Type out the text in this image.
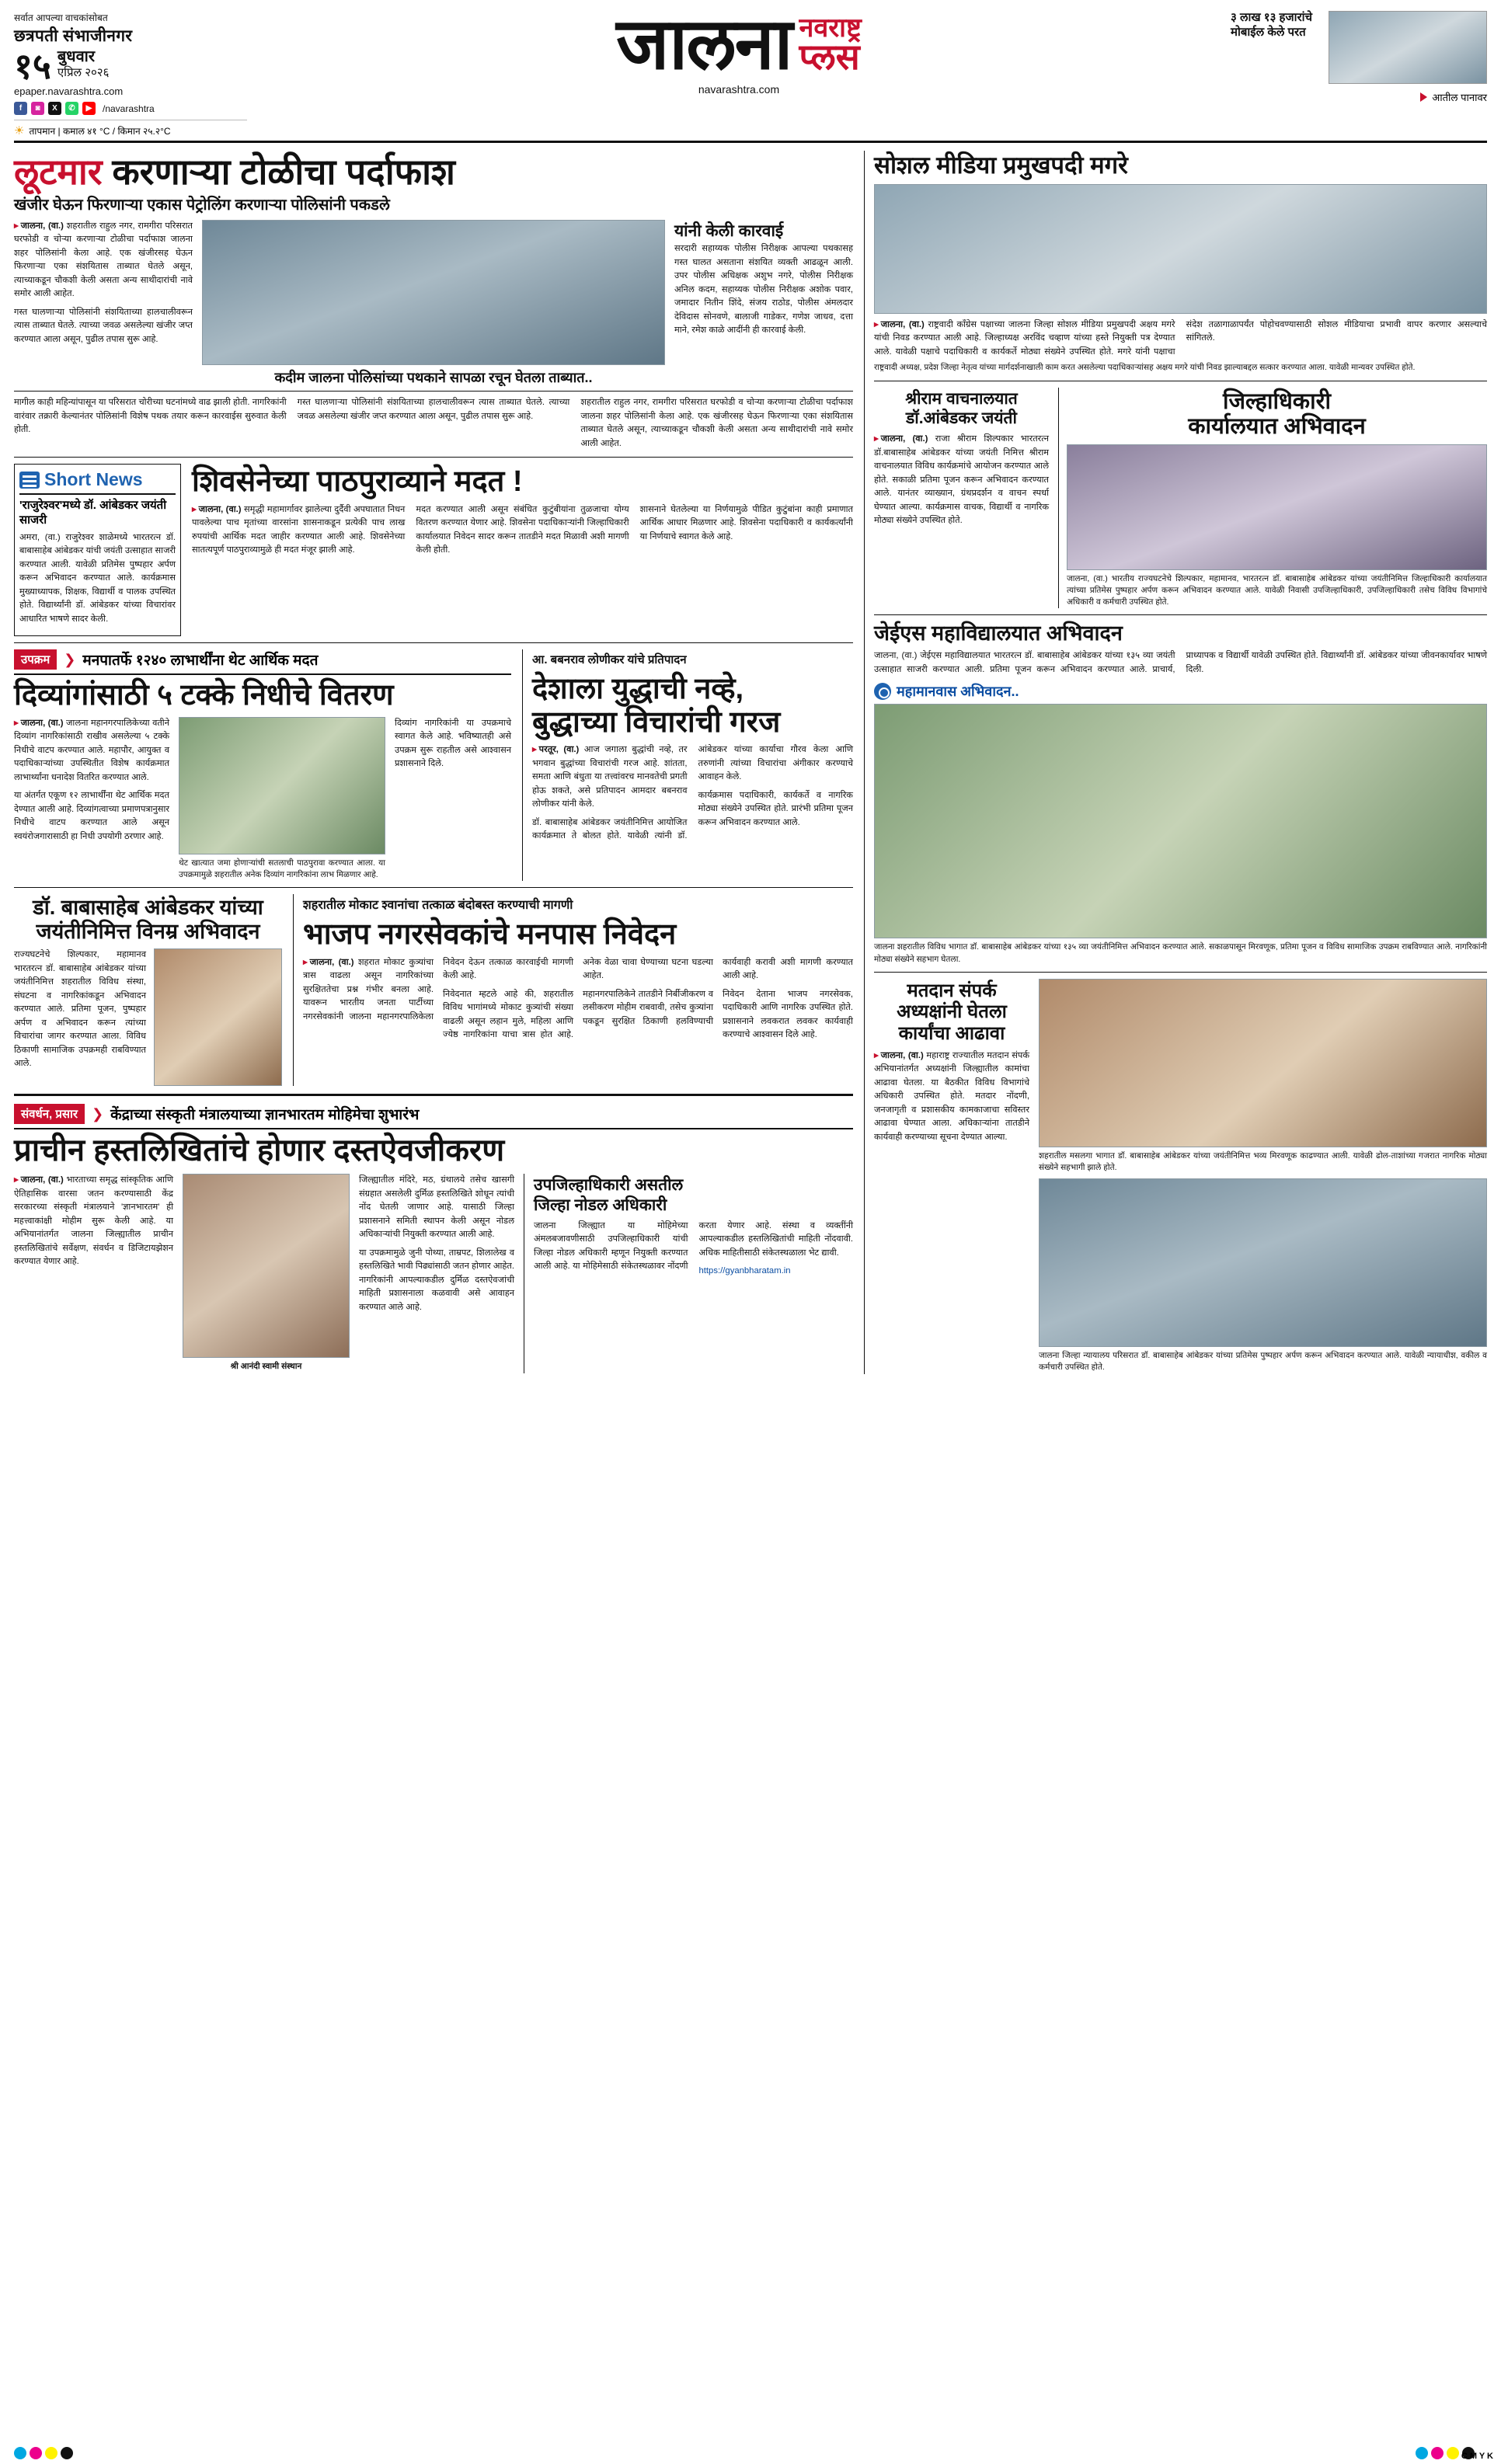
सर्वात आपल्या वाचकांसोबत
छत्रपती संभाजीनगर
१५ बुधवार
एप्रिल २०२६
epaper.navarashtra.com
f	◙	X	✆	▶	/navarashtra
☀ तापमान | कमाल ४१ °C / किमान २५.२°C
जालना नवराष्ट्र
प्लस
navarashtra.com
३ लाख १३ हजारांचे मोबाईल केले परत
आतील पानावर
लूटमार करणाऱ्या टोळीचा पर्दाफाश
खंजीर घेऊन फिरणाऱ्या एकास पेट्रोलिंग करणाऱ्या पोलिसांनी पकडले

▸ जालना, (वा.) शहरातील राहुल नगर, रामगीरा परिसरात घरफोडी व चोऱ्या करणाऱ्या टोळीचा पर्दाफाश जालना शहर पोलिसांनी केला आहे. एक खंजीरसह घेऊन फिरणाऱ्या एका संशयितास ताब्यात घेतले असून, त्याच्याकडून चौकशी केली असता अन्य साथीदारांची नावे समोर आली आहेत.

गस्त घालणाऱ्या पोलिसांनी संशयिताच्या हालचालीवरून त्यास ताब्यात घेतले. त्याच्या जवळ असलेल्या खंजीर जप्त करण्यात आला असून, पुढील तपास सुरू आहे.

यांनी केली कारवाई

सरदारी सहाय्यक पोलीस निरीक्षक आपल्या पथकासह गस्त घालत असताना संशयित व्यक्ती आढळून आली. उपर पोलीस अधिक्षक अशुभ नगरे, पोलीस निरीक्षक अनिल कदम, सहाय्यक पोलीस निरीक्षक अशोक पवार, जमादार नितीन शिंदे, संजय राठोड, पोलीस अंमलदार देविदास सोनवणे, बालाजी गाडेकर, गणेश जाधव, दत्ता माने, रमेश काळे आदींनी ही कारवाई केली.

कदीम जालना पोलिसांच्या पथकाने सापळा रचून घेतला ताब्यात..

मागील काही महिन्यांपासून या परिसरात चोरीच्या घटनांमध्ये वाढ झाली होती. नागरिकांनी वारंवार तक्रारी केल्यानंतर पोलिसांनी विशेष पथक तयार करून कारवाईस सुरुवात केली होती.

गस्त घालणाऱ्या पोलिसांनी संशयिताच्या हालचालीवरून त्यास ताब्यात घेतले. त्याच्या जवळ असलेल्या खंजीर जप्त करण्यात आला असून, पुढील तपास सुरू आहे.

शहरातील राहुल नगर, रामगीरा परिसरात घरफोडी व चोऱ्या करणाऱ्या टोळीचा पर्दाफाश जालना शहर पोलिसांनी केला आहे. एक खंजीरसह घेऊन फिरणाऱ्या एका संशयितास ताब्यात घेतले असून, त्याच्याकडून चौकशी केली असता अन्य साथीदारांची नावे समोर आली आहेत.

Short News
'राजुरेश्वर'मध्ये डॉ. आंबेडकर जयंती साजरी

अमरा, (वा.) राजुरेश्वर शाळेमध्ये भारतरत्न डॉ. बाबासाहेब आंबेडकर यांची जयंती उत्साहात साजरी करण्यात आली. यावेळी प्रतिमेस पुष्पहार अर्पण करून अभिवादन करण्यात आले. कार्यक्रमास मुख्याध्यापक, शिक्षक, विद्यार्थी व पालक उपस्थित होते. विद्यार्थ्यांनी डॉ. आंबेडकर यांच्या विचारांवर आधारित भाषणे सादर केली.

शिवसेनेच्या पाठपुराव्याने मदत !

▸ जालना, (वा.) समृद्धी महामार्गावर झालेल्या दुर्दैवी अपघातात निधन पावलेल्या पाच मृतांच्या वारसांना शासनाकडून प्रत्येकी पाच लाख रुपयांची आर्थिक मदत जाहीर करण्यात आली आहे. शिवसेनेच्या सातत्यपूर्ण पाठपुराव्यामुळे ही मदत मंजूर झाली आहे.

मदत करण्यात आली असून संबंधित कुटुंबीयांना तुळजाचा योग्य वितरण करण्यात येणार आहे. शिवसेना पदाधिकाऱ्यांनी जिल्हाधिकारी कार्यालयात निवेदन सादर करून तातडीने मदत मिळावी अशी मागणी केली होती.

शासनाने घेतलेल्या या निर्णयामुळे पीडित कुटुंबांना काही प्रमाणात आर्थिक आधार मिळणार आहे. शिवसेना पदाधिकारी व कार्यकर्त्यांनी या निर्णयाचे स्वागत केले आहे.

उपक्रम	❯ मनपातर्फे १२४० लाभार्थींना थेट आर्थिक मदत
दिव्यांगांसाठी ५ टक्के निधीचे वितरण

▸ जालना, (वा.) जालना महानगरपालिकेच्या वतीने दिव्यांग नागरिकांसाठी राखीव असलेल्या ५ टक्के निधीचे वाटप करण्यात आले. महापौर, आयुक्त व पदाधिकाऱ्यांच्या उपस्थितीत विशेष कार्यक्रमात लाभार्थ्यांना धनादेश वितरित करण्यात आले.

या अंतर्गत एकूण १२ लाभार्थींना थेट आर्थिक मदत देण्यात आली आहे. दिव्यांगत्वाच्या प्रमाणपत्रानुसार निधीचे वाटप करण्यात आले असून स्वयंरोजगारासाठी हा निधी उपयोगी ठरणार आहे.

थेट खात्यात जमा होणाऱ्यांची सतलाची पाठपुरावा करण्यात आला. या उपक्रमामुळे शहरातील अनेक दिव्यांग नागरिकांना लाभ मिळणार आहे.

दिव्यांग नागरिकांनी या उपक्रमाचे स्वागत केले आहे. भविष्यातही असे उपक्रम सुरू राहतील असे आश्वासन प्रशासनाने दिले.

आ. बबनराव लोणीकर यांचे प्रतिपादन
देशाला युद्धाची नव्हे,
बुद्धाच्या विचारांची गरज

▸ परतूर, (वा.) आज जगाला बुद्धांची नव्हे, तर भगवान बुद्धांच्या विचारांची गरज आहे. शांतता, समता आणि बंधुता या तत्त्वांवरच मानवतेची प्रगती होऊ शकते, असे प्रतिपादन आमदार बबनराव लोणीकर यांनी केले.

डॉ. बाबासाहेब आंबेडकर जयंतीनिमित्त आयोजित कार्यक्रमात ते बोलत होते. यावेळी त्यांनी डॉ. आंबेडकर यांच्या कार्याचा गौरव केला आणि तरुणांनी त्यांच्या विचारांचा अंगीकार करण्याचे आवाहन केले.

कार्यक्रमास पदाधिकारी, कार्यकर्ते व नागरिक मोठ्या संख्येने उपस्थित होते. प्रारंभी प्रतिमा पूजन करून अभिवादन करण्यात आले.

डॉ. बाबासाहेब आंबेडकर यांच्या
जयंतीनिमित्त विनम्र अभिवादन

राज्यघटनेचे शिल्पकार, महामानव भारतरत्न डॉ. बाबासाहेब आंबेडकर यांच्या जयंतीनिमित्त शहरातील विविध संस्था, संघटना व नागरिकांकडून अभिवादन करण्यात आले. प्रतिमा पूजन, पुष्पहार अर्पण व अभिवादन करून त्यांच्या विचारांचा जागर करण्यात आला. विविध ठिकाणी सामाजिक उपक्रमही राबविण्यात आले.

शहरातील मोकाट श्वानांचा तत्काळ बंदोबस्त करण्याची मागणी
भाजप नगरसेवकांचे मनपास निवेदन

▸ जालना, (वा.) शहरात मोकाट कुत्र्यांचा त्रास वाढला असून नागरिकांच्या सुरक्षिततेचा प्रश्न गंभीर बनला आहे. यावरून भारतीय जनता पार्टीच्या नगरसेवकांनी जालना महानगरपालिकेला निवेदन देऊन तत्काळ कारवाईची मागणी केली आहे.

निवेदनात म्हटले आहे की, शहरातील विविध भागांमध्ये मोकाट कुत्र्यांची संख्या वाढली असून लहान मुले, महिला आणि ज्येष्ठ नागरिकांना याचा त्रास होत आहे. अनेक वेळा चावा घेण्याच्या घटना घडल्या आहेत.

महानगरपालिकेने तातडीने निर्बीजीकरण व लसीकरण मोहीम राबवावी, तसेच कुत्र्यांना पकडून सुरक्षित ठिकाणी हलविण्याची कार्यवाही करावी अशी मागणी करण्यात आली आहे.

निवेदन देताना भाजप नगरसेवक, पदाधिकारी आणि नागरिक उपस्थित होते. प्रशासनाने लवकरात लवकर कार्यवाही करण्याचे आश्वासन दिले आहे.

संवर्धन, प्रसार	❯ केंद्राच्या संस्कृती मंत्रालयाच्या ज्ञानभारतम मोहिमेचा शुभारंभ
प्राचीन हस्तलिखितांचे होणार दस्तऐवजीकरण

▸ जालना, (वा.) भारताच्या समृद्ध सांस्कृतिक आणि ऐतिहासिक वारसा जतन करण्यासाठी केंद्र सरकारच्या संस्कृती मंत्रालयाने 'ज्ञानभारतम' ही महत्त्वाकांक्षी मोहीम सुरू केली आहे. या अभियानांतर्गत जालना जिल्ह्यातील प्राचीन हस्तलिखितांचे सर्वेक्षण, संवर्धन व डिजिटायझेशन करण्यात येणार आहे.

श्री आनंदी स्वामी संस्थान

जिल्ह्यातील मंदिरे, मठ, ग्रंथालये तसेच खासगी संग्रहात असलेली दुर्मिळ हस्तलिखिते शोधून त्यांची नोंद घेतली जाणार आहे. यासाठी जिल्हा प्रशासनाने समिती स्थापन केली असून नोडल अधिकाऱ्यांची नियुक्ती करण्यात आली आहे.

या उपक्रमामुळे जुनी पोथ्या, ताम्रपट, शिलालेख व हस्तलिखिते भावी पिढ्यांसाठी जतन होणार आहेत. नागरिकांनी आपल्याकडील दुर्मिळ दस्तऐवजांची माहिती प्रशासनाला कळवावी असे आवाहन करण्यात आले आहे.

उपजिल्हाधिकारी असतील
जिल्हा नोडल अधिकारी

जालना जिल्ह्यात या मोहिमेच्या अंमलबजावणीसाठी उपजिल्हाधिकारी यांची जिल्हा नोडल अधिकारी म्हणून नियुक्ती करण्यात आली आहे. या मोहिमेसाठी संकेतस्थळावर नोंदणी करता येणार आहे. संस्था व व्यक्तींनी आपल्याकडील हस्तलिखितांची माहिती नोंदवावी. अधिक माहितीसाठी संकेतस्थळाला भेट द्यावी.

https://gyanbharatam.in

सोशल मीडिया प्रमुखपदी मगरे

▸ जालना, (वा.) राष्ट्रवादी काँग्रेस पक्षाच्या जालना जिल्हा सोशल मीडिया प्रमुखपदी अक्षय मगरे यांची निवड करण्यात आली आहे. जिल्हाध्यक्ष अरविंद चव्हाण यांच्या हस्ते नियुक्ती पत्र देण्यात आले. यावेळी पक्षाचे पदाधिकारी व कार्यकर्ते मोठ्या संख्येने उपस्थित होते. मगरे यांनी पक्षाचा संदेश तळागाळापर्यंत पोहोचवण्यासाठी सोशल मीडियाचा प्रभावी वापर करणार असल्याचे सांगितले.

राष्ट्रवादी अध्यक्ष, प्रदेश जिल्हा नेतृत्व यांच्या मार्गदर्शनाखाली काम करत असलेल्या पदाधिकाऱ्यांसह अक्षय मगरे यांची निवड झाल्याबद्दल सत्कार करण्यात आला. यावेळी मान्यवर उपस्थित होते.
श्रीराम वाचनालयात
डॉ.आंबेडकर जयंती

▸ जालना, (वा.) राजा श्रीराम शिल्पकार भारतरत्न डॉ.बाबासाहेब आंबेडकर यांच्या जयंती निमित्त श्रीराम वाचनालयात विविध कार्यक्रमांचे आयोजन करण्यात आले होते. सकाळी प्रतिमा पूजन करून अभिवादन करण्यात आले. यानंतर व्याख्यान, ग्रंथप्रदर्शन व वाचन स्पर्धा घेण्यात आल्या. कार्यक्रमास वाचक, विद्यार्थी व नागरिक मोठ्या संख्येने उपस्थित होते.

जिल्हाधिकारी
कार्यालयात अभिवादन
जालना, (वा.) भारतीय राज्यघटनेचे शिल्पकार, महामानव, भारतरत्न डॉ. बाबासाहेब आंबेडकर यांच्या जयंतीनिमित्त जिल्हाधिकारी कार्यालयात त्यांच्या प्रतिमेस पुष्पहार अर्पण करून अभिवादन करण्यात आले. यावेळी निवासी उपजिल्हाधिकारी, उपजिल्हाधिकारी तसेच विविध विभागांचे अधिकारी व कर्मचारी उपस्थित होते.
जेईएस महाविद्यालयात अभिवादन

जालना, (वा.) जेईएस महाविद्यालयात भारतरत्न डॉ. बाबासाहेब आंबेडकर यांच्या १३५ व्या जयंती उत्साहात साजरी करण्यात आली. प्रतिमा पूजन करून अभिवादन करण्यात आले. प्राचार्य, प्राध्यापक व विद्यार्थी यावेळी उपस्थित होते. विद्यार्थ्यांनी डॉ. आंबेडकर यांच्या जीवनकार्यावर भाषणे दिली.

महामानवास अभिवादन..
जालना शहरातील विविध भागात डॉ. बाबासाहेब आंबेडकर यांच्या १३५ व्या जयंतीनिमित्त अभिवादन करण्यात आले. सकाळपासून मिरवणूक, प्रतिमा पूजन व विविध सामाजिक उपक्रम राबविण्यात आले. नागरिकांनी मोठ्या संख्येने सहभाग घेतला.
मतदान संपर्क
अध्यक्षांनी घेतला
कार्यांचा आढावा

▸ जालना, (वा.) महाराष्ट्र राज्यातील मतदान संपर्क अभियानांतर्गत अध्यक्षांनी जिल्ह्यातील कामांचा आढावा घेतला. या बैठकीत विविध विभागांचे अधिकारी उपस्थित होते. मतदार नोंदणी, जनजागृती व प्रशासकीय कामकाजाचा सविस्तर आढावा घेण्यात आला. अधिकाऱ्यांना तातडीने कार्यवाही करण्याच्या सूचना देण्यात आल्या.

शहरातील मसलगा भागात डॉ. बाबासाहेब आंबेडकर यांच्या जयंतीनिमित्त भव्य मिरवणूक काढण्यात आली. यावेळी ढोल-ताशांच्या गजरात नागरिक मोठ्या संख्येने सहभागी झाले होते.
जालना जिल्हा न्यायालय परिसरात डॉ. बाबासाहेब आंबेडकर यांच्या प्रतिमेस पुष्पहार अर्पण करून अभिवादन करण्यात आले. यावेळी न्यायाधीश, वकील व कर्मचारी उपस्थित होते.
C M Y K
